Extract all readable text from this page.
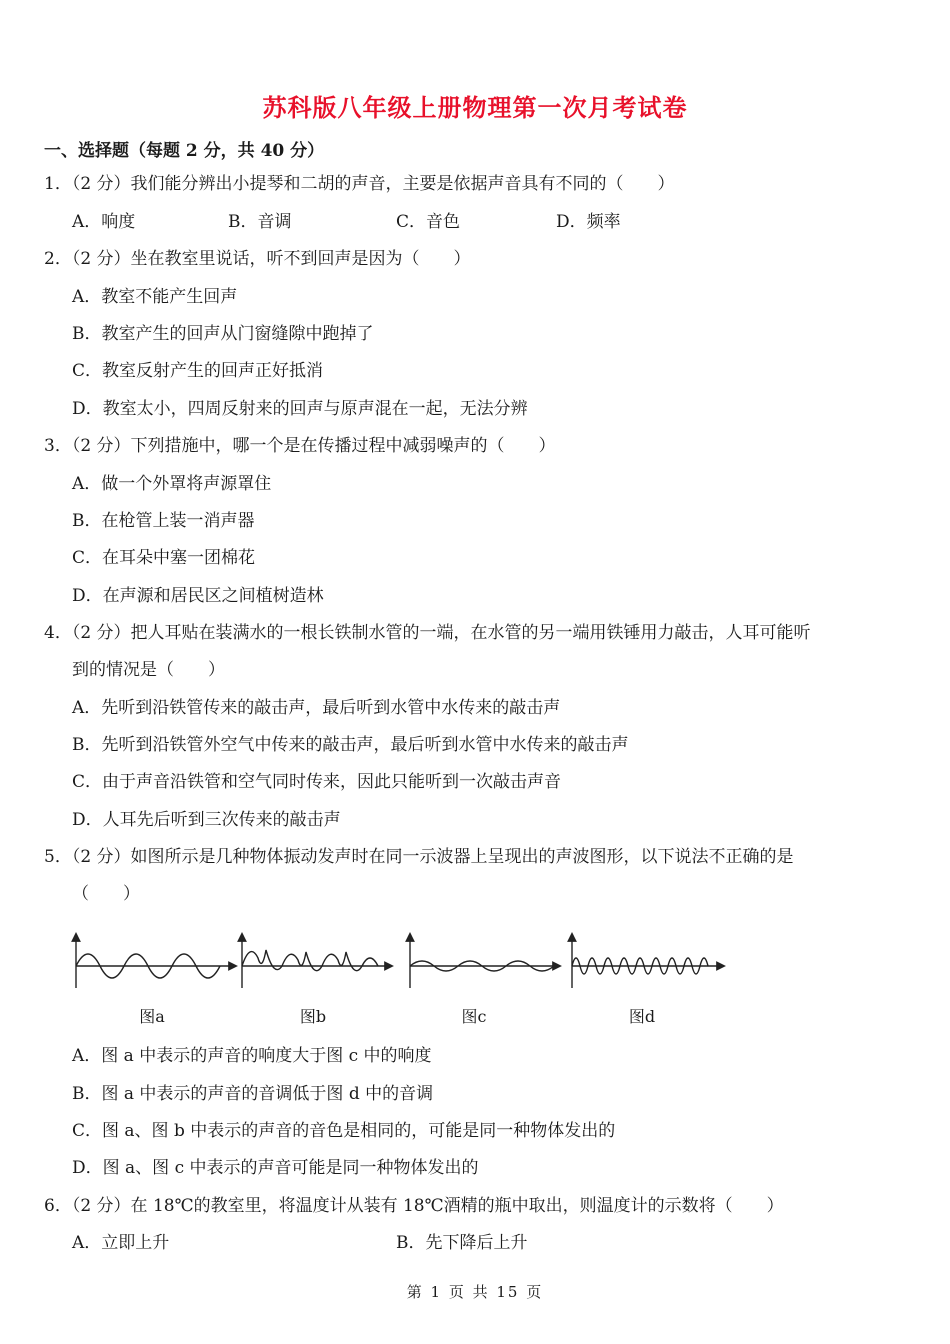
苏科版八年级上册物理第一次月考试卷
一、选择题（每题 2 分，共 40 分）
1．（2 分）我们能分辨出小提琴和二胡的声音，主要是依据声音具有不同的（　　）
A．响度	B．音调	C．音色	D．频率
2．（2 分）坐在教室里说话，听不到回声是因为（　　）
A．教室不能产生回声
B．教室产生的回声从门窗缝隙中跑掉了
C．教室反射产生的回声正好抵消
D．教室太小，四周反射来的回声与原声混在一起，无法分辨
3．（2 分）下列措施中，哪一个是在传播过程中减弱噪声的（　　）
A．做一个外罩将声源罩住
B．在枪管上装一消声器
C．在耳朵中塞一团棉花
D．在声源和居民区之间植树造林
4．（2 分）把人耳贴在装满水的一根长铁制水管的一端，在水管的另一端用铁锤用力敲击，人耳可能听
到的情况是（　　）
A．先听到沿铁管传来的敲击声，最后听到水管中水传来的敲击声
B．先听到沿铁管外空气中传来的敲击声，最后听到水管中水传来的敲击声
C．由于声音沿铁管和空气同时传来，因此只能听到一次敲击声音
D．人耳先后听到三次传来的敲击声
5．（2 分）如图所示是几种物体振动发声时在同一示波器上呈现出的声波图形，以下说法不正确的是
（　　）
图a	图b	图c	图d
A．图 a 中表示的声音的响度大于图 c 中的响度
B．图 a 中表示的声音的音调低于图 d 中的音调
C．图 a、图 b 中表示的声音的音色是相同的，可能是同一种物体发出的
D．图 a、图 c 中表示的声音可能是同一种物体发出的
6．（2 分）在 18℃的教室里，将温度计从装有 18℃酒精的瓶中取出，则温度计的示数将（　　）
A．立即上升	B．先下降后上升
第 1 页 共 15 页
